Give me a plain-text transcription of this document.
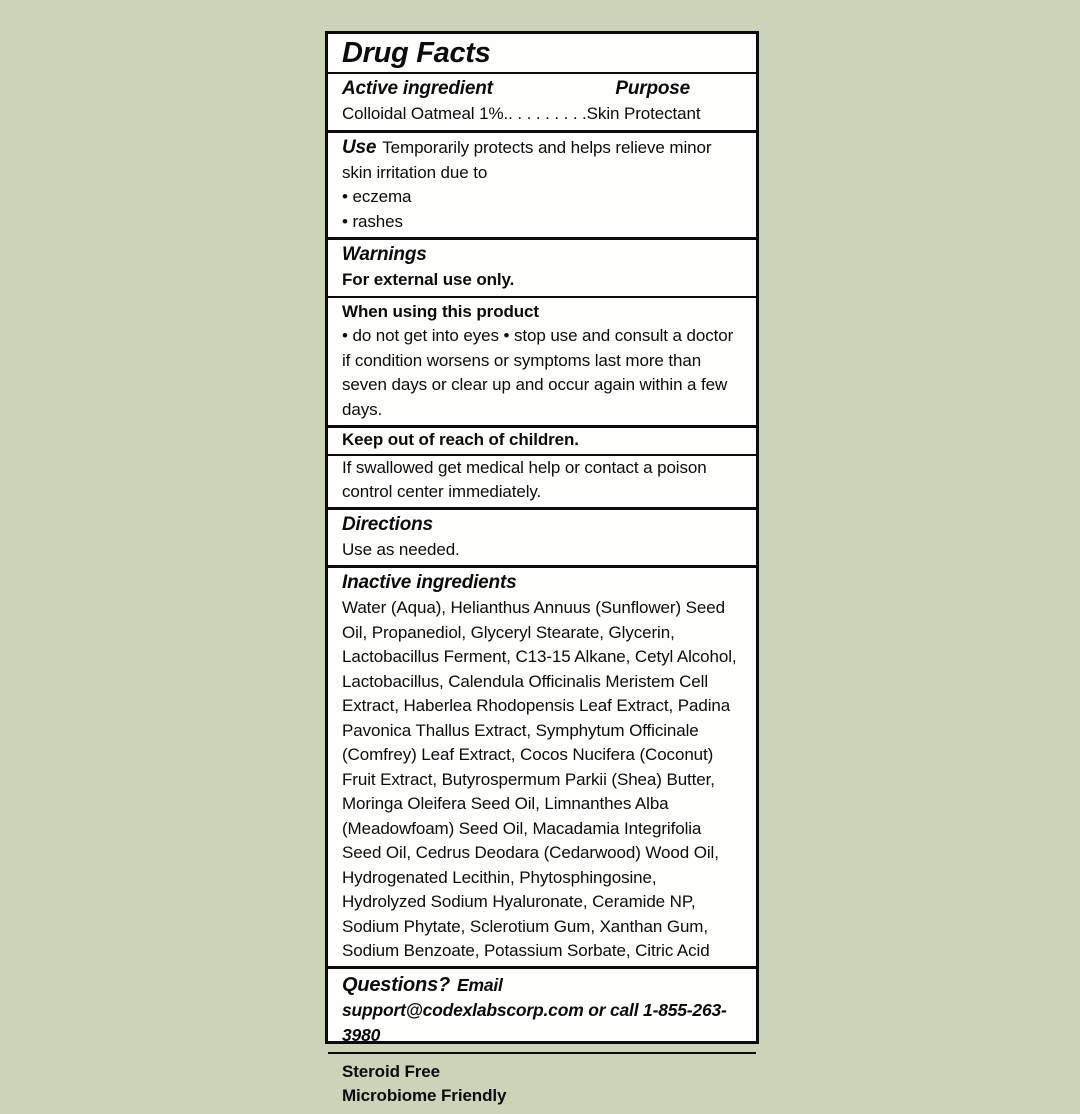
Drug Facts
Active ingredient	Purpose

Colloidal Oatmeal 1%.. . . . . . . . .Skin Protectant

Use Temporarily protects and helps relieve minor skin irritation due to

• eczema

• rashes

Warnings

For external use only.

When using this product

• do not get into eyes • stop use and consult a doctor if condition worsens or symptoms last more than seven days or clear up and occur again within a few days.

Keep out of reach of children.

If swallowed get medical help or contact a poison control center immediately.

Directions

Use as needed.

Inactive ingredients

Water (Aqua), Helianthus Annuus (Sunflower) Seed Oil, Propanediol, Glyceryl Stearate, Glycerin, Lactobacillus Ferment, C13-15 Alkane, Cetyl Alcohol, Lactobacillus, Calendula Officinalis Meristem Cell Extract, Haberlea Rhodopensis Leaf Extract, Padina Pavonica Thallus Extract, Symphytum Officinale (Comfrey) Leaf Extract, Cocos Nucifera (Coconut) Fruit Extract, Butyrospermum Parkii (Shea) Butter, Moringa Oleifera Seed Oil, Limnanthes Alba (Meadowfoam) Seed Oil, Macadamia Integrifolia Seed Oil, Cedrus Deodara (Cedarwood) Wood Oil, Hydrogenated Lecithin, Phytosphingosine, Hydrolyzed Sodium Hyaluronate, Ceramide NP, Sodium Phytate, Sclerotium Gum, Xanthan Gum, Sodium Benzoate, Potassium Sorbate, Citric Acid

Questions? Email support@codexlabscorp.com or call 1-855-263-3980

Steroid Free

Microbiome Friendly
